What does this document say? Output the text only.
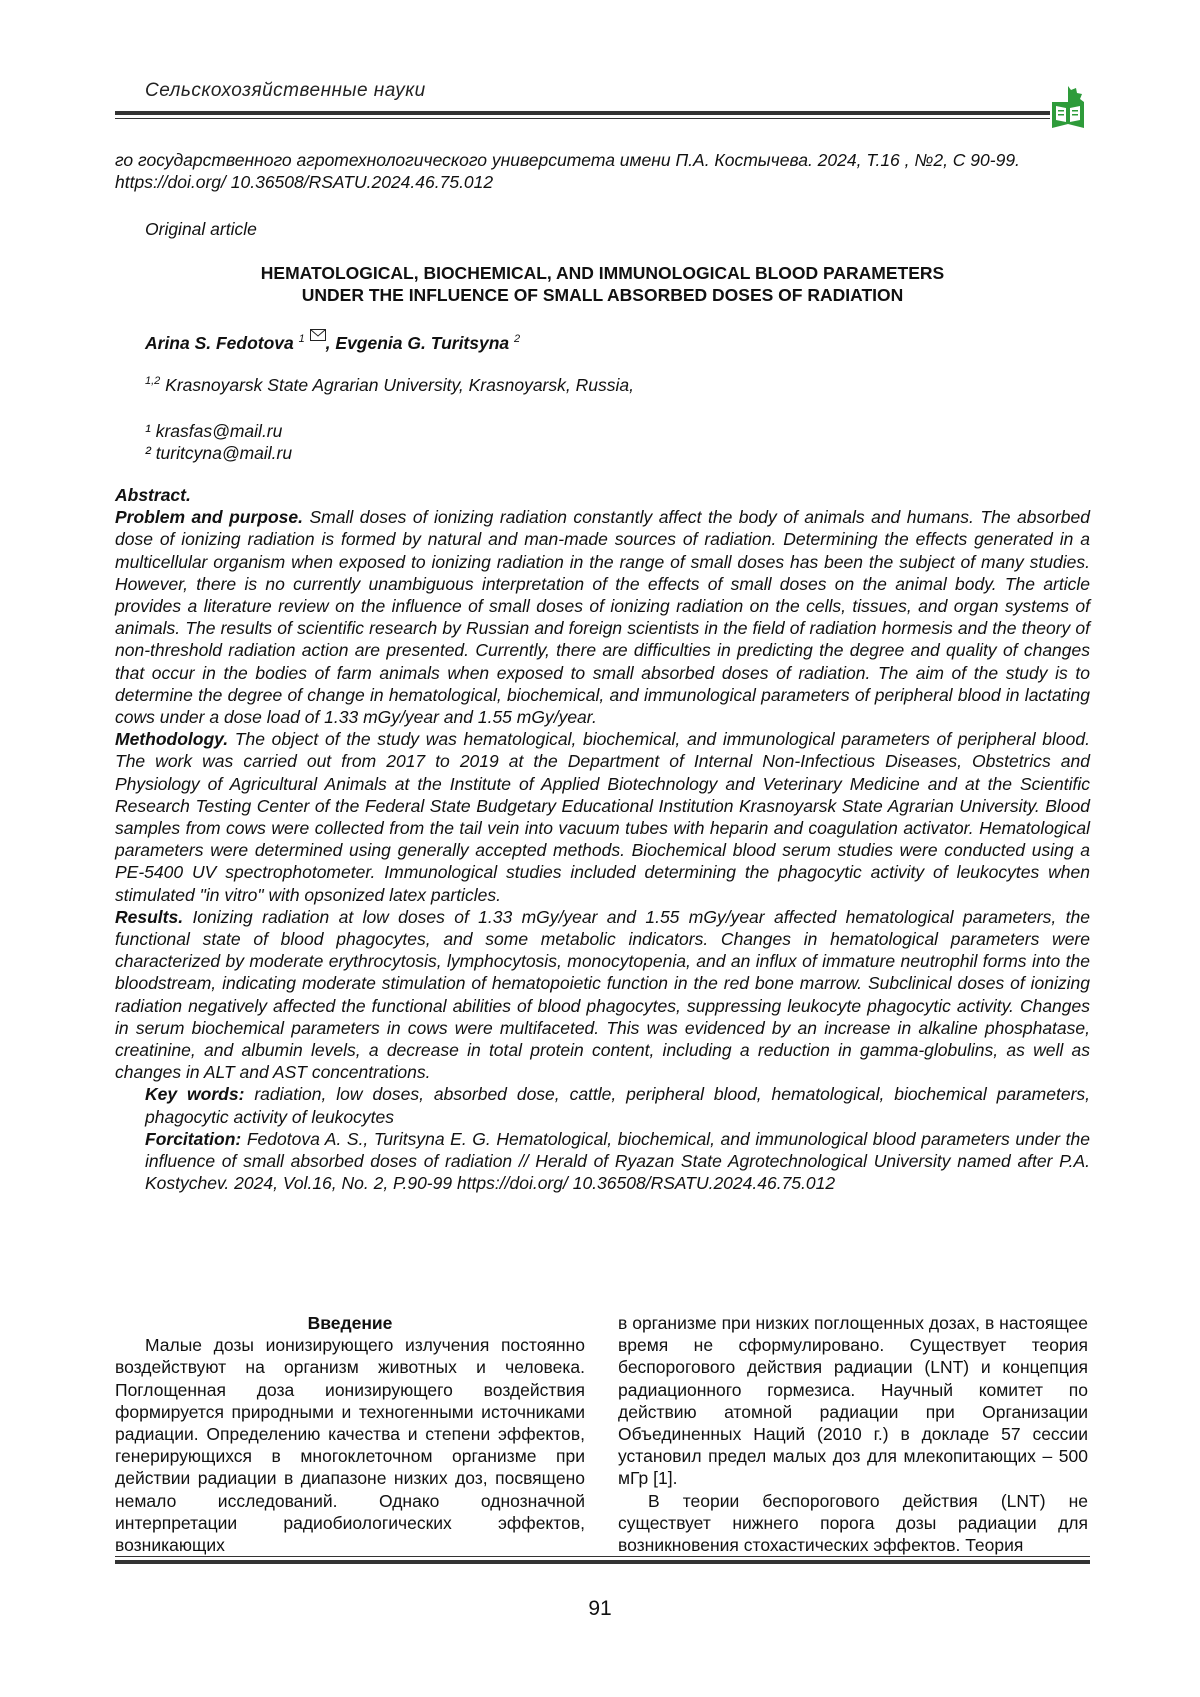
Сельскохозяйственные науки
го государственного агротехнологического университета имени П.А. Костычева. 2024, Т.16 , №2, С 90-99. https://doi.org/ 10.36508/RSATU.2024.46.75.012
Original article
HEMATOLOGICAL, BIOCHEMICAL, AND IMMUNOLOGICAL BLOOD PARAMETERS
UNDER THE INFLUENCE OF SMALL ABSORBED DOSES OF RADIATION
Arina S. Fedotova $^1$ , Evgenia G. Turitsyna $^2$
$^{1,2}$ Krasnoyarsk State Agrarian University, Krasnoyarsk, Russia,
¹ krasfas@mail.ru
² turitcyna@mail.ru

Abstract.

Problem and purpose. Small doses of ionizing radiation constantly affect the body of animals and humans. The absorbed dose of ionizing radiation is formed by natural and man-made sources of radiation. Determining the effects generated in a multicellular organism when exposed to ionizing radiation in the range of small doses has been the subject of many studies. However, there is no currently unambiguous interpretation of the effects of small doses on the animal body. The article provides a literature review on the influence of small doses of ionizing radiation on the cells, tissues, and organ systems of animals. The results of scientific research by Russian and foreign scientists in the field of radiation hormesis and the theory of non-threshold radiation action are presented. Currently, there are difficulties in predicting the degree and quality of changes that occur in the bodies of farm animals when exposed to small absorbed doses of radiation. The aim of the study is to determine the degree of change in hematological, biochemical, and immunological parameters of peripheral blood in lactating cows under a dose load of 1.33 mGy/year and 1.55 mGy/year.

Methodology. The object of the study was hematological, biochemical, and immunological parameters of peripheral blood. The work was carried out from 2017 to 2019 at the Department of Internal Non-Infectious Diseases, Obstetrics and Physiology of Agricultural Animals at the Institute of Applied Biotechnology and Veterinary Medicine and at the Scientific Research Testing Center of the Federal State Budgetary Educational Institution Krasnoyarsk State Agrarian University. Blood samples from cows were collected from the tail vein into vacuum tubes with heparin and coagulation activator. Hematological parameters were determined using generally accepted methods. Biochemical blood serum studies were conducted using a PE-5400 UV spectrophotometer. Immunological studies included determining the phagocytic activity of leukocytes when stimulated "in vitro" with opsonized latex particles.

Results. Ionizing radiation at low doses of 1.33 mGy/year and 1.55 mGy/year affected hematological parameters, the functional state of blood phagocytes, and some metabolic indicators. Changes in hematological parameters were characterized by moderate erythrocytosis, lymphocytosis, monocytopenia, and an influx of immature neutrophil forms into the bloodstream, indicating moderate stimulation of hematopoietic function in the red bone marrow. Subclinical doses of ionizing radiation negatively affected the functional abilities of blood phagocytes, suppressing leukocyte phagocytic activity. Changes in serum biochemical parameters in cows were multifaceted. This was evidenced by an increase in alkaline phosphatase, creatinine, and albumin levels, a decrease in total protein content, including a reduction in gamma-globulins, as well as changes in ALT and AST concentrations.

Key words: radiation, low doses, absorbed dose, cattle, peripheral blood, hematological, biochemical parameters, phagocytic activity of leukocytes

Forcitation: Fedotova A. S., Turitsyna E. G. Hematological, biochemical, and immunological blood parameters under the influence of small absorbed doses of radiation // Herald of Ryazan State Agrotechnological University named after P.A. Kostychev. 2024, Vol.16, No. 2, P.90-99 https://doi.org/ 10.36508/RSATU.2024.46.75.012

Введение

Малые дозы ионизирующего излучения постоянно воздействуют на организм животных и человека. Поглощенная доза ионизирующего воздействия формируется природными и техногенными источниками радиации. Определению качества и степени эффектов, генерирующихся в многоклеточном организме при действии радиации в диапазоне низких доз, посвящено немало исследований. Однако однозначной интерпретации радиобиологических эффектов, возникающих

в организме при низких поглощенных дозах, в настоящее время не сформулировано. Существует теория беспорогового действия радиации (LNT) и концепция радиационного гормезиса. Научный комитет по действию атомной радиации при Организации Объединенных Наций (2010 г.) в докладе 57 сессии установил предел малых доз для млекопитающих – 500 мГр [1].

В теории беспорогового действия (LNT) не существует нижнего порога дозы радиации для возникновения стохастических эффектов. Теория

91
